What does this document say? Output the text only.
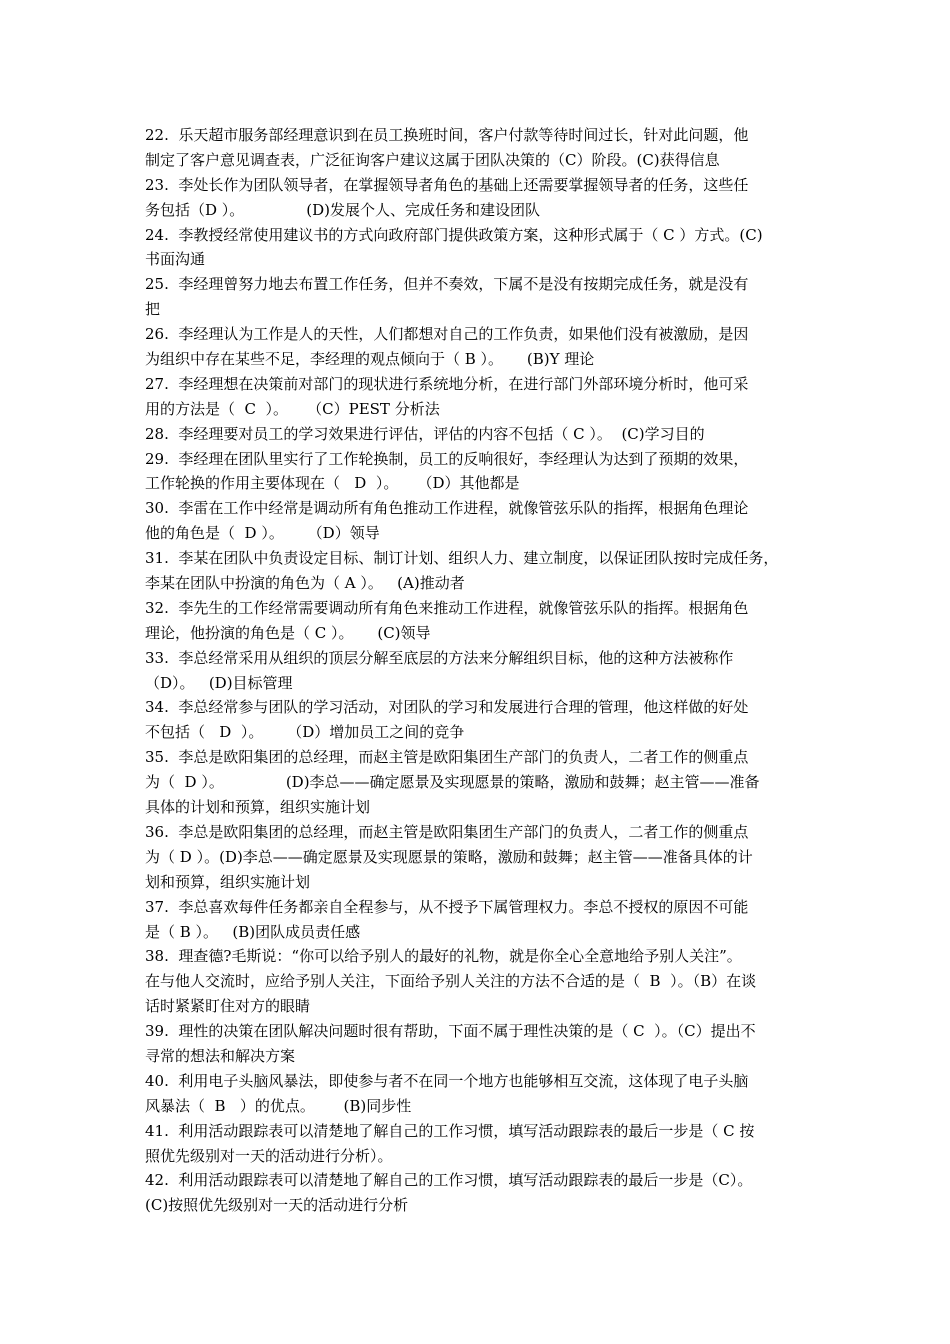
22.  乐天超市服务部经理意识到在员工换班时间，客户付款等待时间过长，针对此问题，他
制定了客户意见调查表，广泛征询客户建议这属于团队决策的（C）阶段。(C)获得信息
23.  李处长作为团队领导者，在掌握领导者角色的基础上还需要掌握领导者的任务，这些任
务包括（D ）。             (D)发展个人、完成任务和建设团队
24.  李教授经常使用建议书的方式向政府部门提供政策方案，这种形式属于（ C ）方式。(C)
书面沟通
25.  李经理曾努力地去布置工作任务，但并不奏效，下属不是没有按期完成任务，就是没有
把
26.  李经理认为工作是人的天性，人们都想对自己的工作负责，如果他们没有被激励，是因
为组织中存在某些不足，李经理的观点倾向于（ B ）。     (B)Y 理论
27.  李经理想在决策前对部门的现状进行系统地分析，在进行部门外部环境分析时，他可采
用的方法是（  C  ）。    （C）PEST 分析法
28.  李经理要对员工的学习效果进行评估，评估的内容不包括（ C ）。  (C)学习目的
29.  李经理在团队里实行了工作轮换制，员工的反响很好，李经理认为达到了预期的效果，
工作轮换的作用主要体现在（   D  ）。    （D）其他都是
30.  李雷在工作中经常是调动所有角色推动工作进程，就像管弦乐队的指挥，根据角色理论
他的角色是（  D ）。     （D）领导
31.  李某在团队中负责设定目标、制订计划、组织人力、建立制度，以保证团队按时完成任务，
李某在团队中扮演的角色为（ A ）。   (A)推动者
32.  李先生的工作经常需要调动所有角色来推动工作进程，就像管弦乐队的指挥。根据角色
理论，他扮演的角色是（ C ）。     (C)领导
33.  李总经常采用从组织的顶层分解至底层的方法来分解组织目标，他的这种方法被称作
（D）。   (D)目标管理
34.  李总经常参与团队的学习活动，对团队的学习和发展进行合理的管理，他这样做的好处
不包括（   D  ）。     （D）增加员工之间的竞争
35.  李总是欧阳集团的总经理，而赵主管是欧阳集团生产部门的负责人，二者工作的侧重点
为（  D ）。             (D)李总——确定愿景及实现愿景的策略，激励和鼓舞；赵主管——准备
具体的计划和预算，组织实施计划
36.  李总是欧阳集团的总经理，而赵主管是欧阳集团生产部门的负责人，二者工作的侧重点
为（ D ）。(D)李总——确定愿景及实现愿景的策略，激励和鼓舞；赵主管——准备具体的计
划和预算，组织实施计划
37.  李总喜欢每件任务都亲自全程参与，从不授予下属管理权力。李总不授权的原因不可能
是（ B ）。   (B)团队成员责任感
38.  理查德?毛斯说：“你可以给予别人的最好的礼物，就是你全心全意地给予别人关注”。
在与他人交流时，应给予别人关注，下面给予别人关注的方法不合适的是（  B  ）。（B）在谈
话时紧紧盯住对方的眼睛
39.  理性的决策在团队解决问题时很有帮助，下面不属于理性决策的是（ C  ）。（C）提出不
寻常的想法和解决方案
40.  利用电子头脑风暴法，即使参与者不在同一个地方也能够相互交流，这体现了电子头脑
风暴法（  B   ）的优点。      (B)同步性
41.  利用活动跟踪表可以清楚地了解自己的工作习惯，填写活动跟踪表的最后一步是（ C 按
照优先级别对一天的活动进行分析）。
42.  利用活动跟踪表可以清楚地了解自己的工作习惯，填写活动跟踪表的最后一步是（C）。
(C)按照优先级别对一天的活动进行分析
